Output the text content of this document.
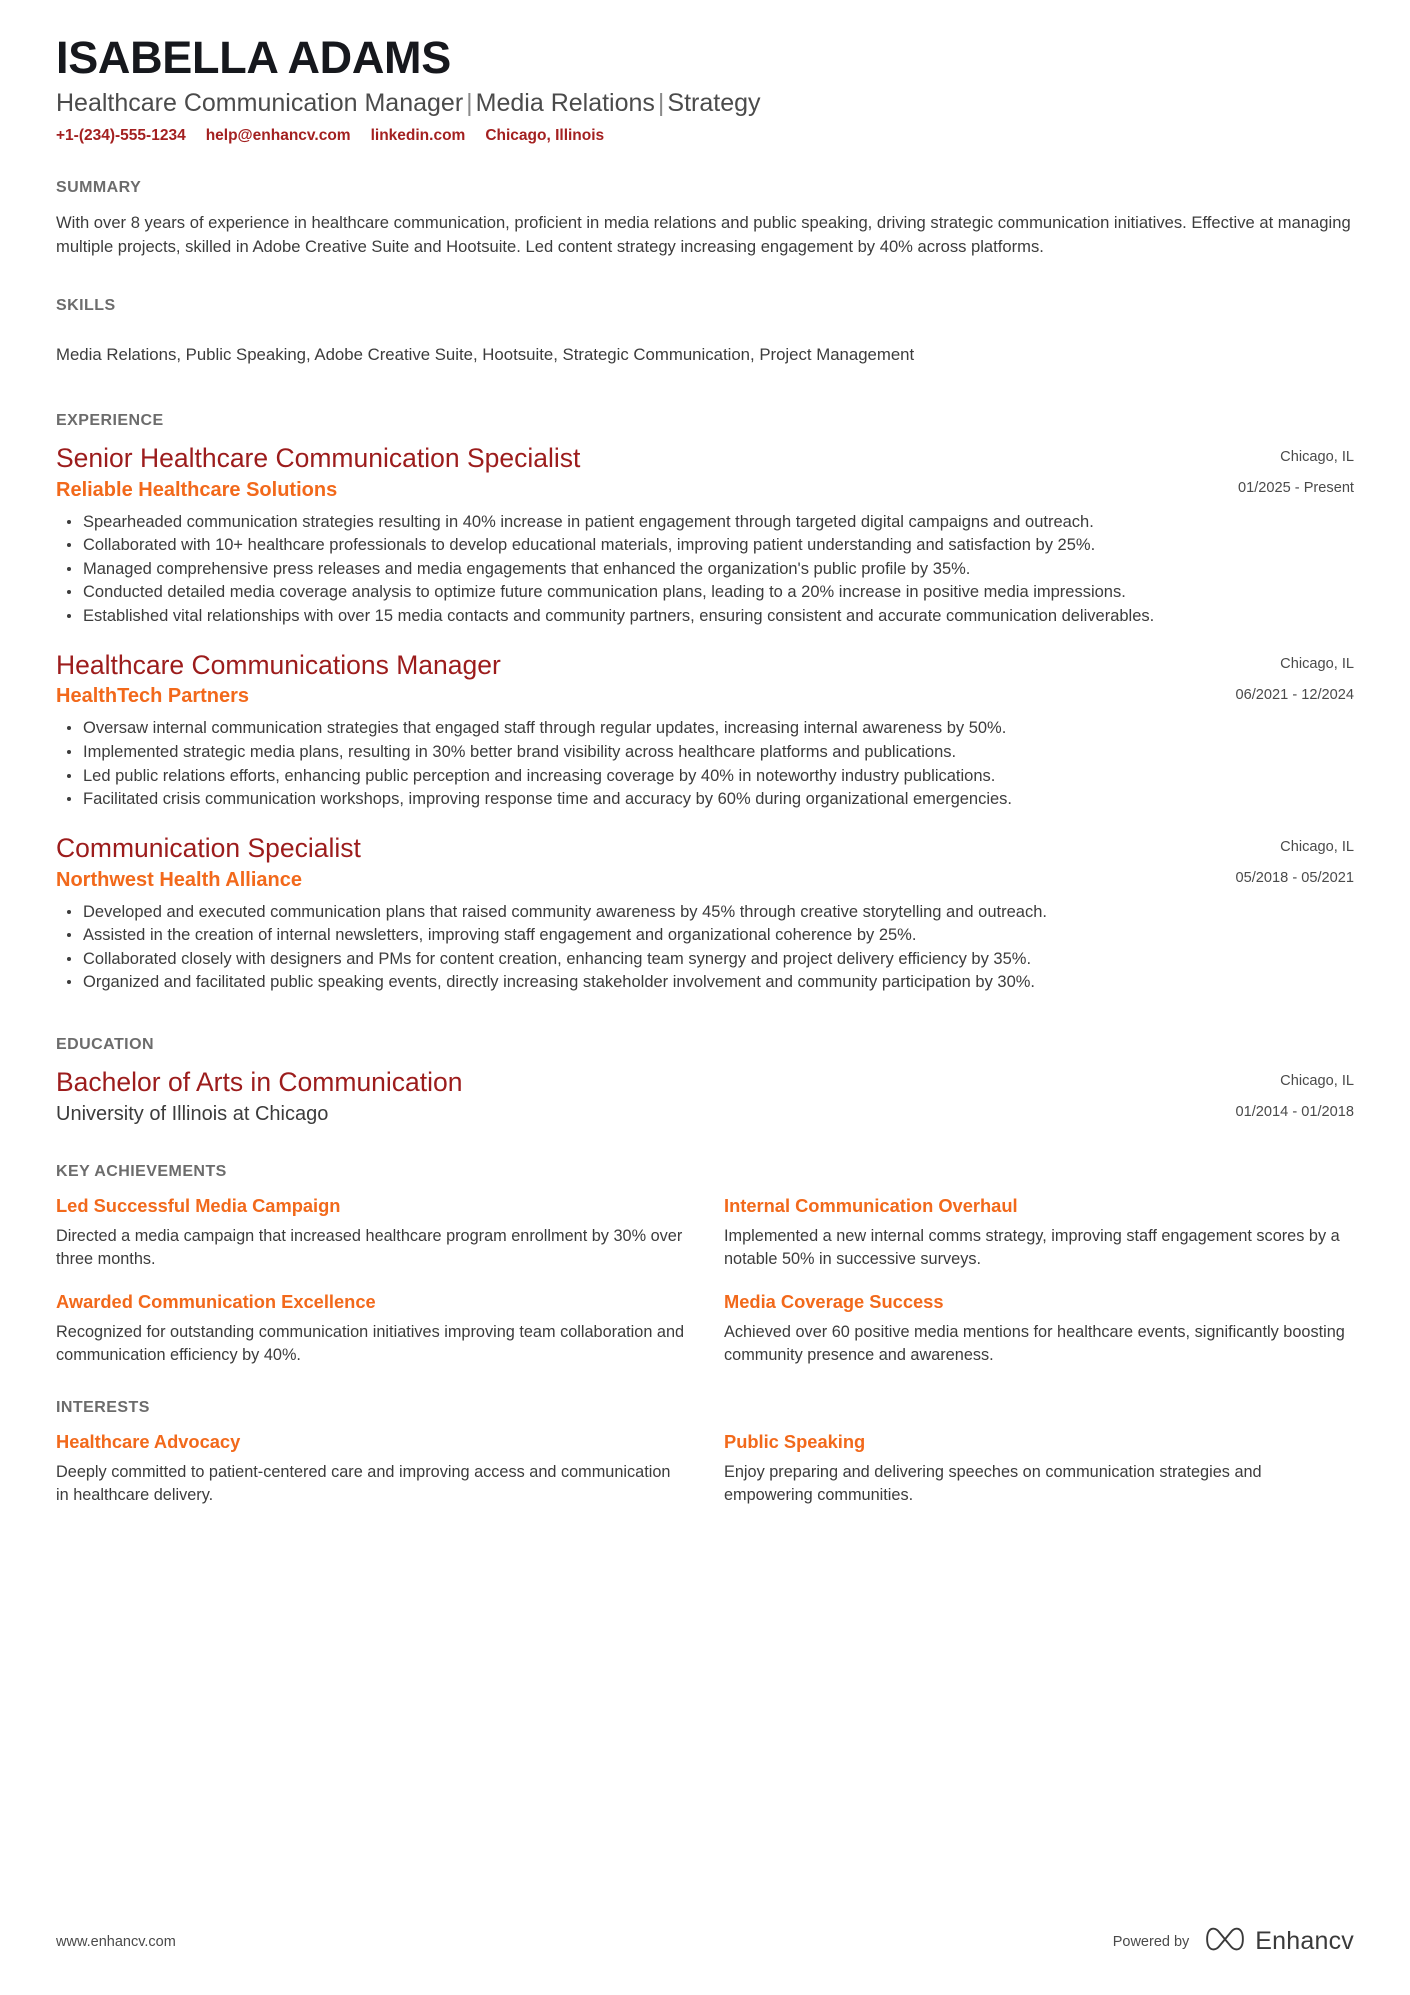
ISABELLA ADAMS
Healthcare Communication Manager | Media Relations | Strategy
+1-(234)-555-1234 help@enhancv.com linkedin.com Chicago, Illinois
SUMMARY

With over 8 years of experience in healthcare communication, proficient in media relations and public speaking, driving strategic communication initiatives. Effective at managing multiple projects, skilled in Adobe Creative Suite and Hootsuite. Led content strategy increasing engagement by 40% across platforms.

SKILLS

Media Relations, Public Speaking, Adobe Creative Suite, Hootsuite, Strategic Communication, Project Management

EXPERIENCE
Senior Healthcare Communication Specialist
Reliable Healthcare Solutions
Chicago, IL
01/2025 - Present
Spearheaded communication strategies resulting in 40% increase in patient engagement through targeted digital campaigns and outreach.
Collaborated with 10+ healthcare professionals to develop educational materials, improving patient understanding and satisfaction by 25%.
Managed comprehensive press releases and media engagements that enhanced the organization's public profile by 35%.
Conducted detailed media coverage analysis to optimize future communication plans, leading to a 20% increase in positive media impressions.
Established vital relationships with over 15 media contacts and community partners, ensuring consistent and accurate communication deliverables.
Healthcare Communications Manager
HealthTech Partners
Chicago, IL
06/2021 - 12/2024
Oversaw internal communication strategies that engaged staff through regular updates, increasing internal awareness by 50%.
Implemented strategic media plans, resulting in 30% better brand visibility across healthcare platforms and publications.
Led public relations efforts, enhancing public perception and increasing coverage by 40% in noteworthy industry publications.
Facilitated crisis communication workshops, improving response time and accuracy by 60% during organizational emergencies.
Communication Specialist
Northwest Health Alliance
Chicago, IL
05/2018 - 05/2021
Developed and executed communication plans that raised community awareness by 45% through creative storytelling and outreach.
Assisted in the creation of internal newsletters, improving staff engagement and organizational coherence by 25%.
Collaborated closely with designers and PMs for content creation, enhancing team synergy and project delivery efficiency by 35%.
Organized and facilitated public speaking events, directly increasing stakeholder involvement and community participation by 30%.
EDUCATION
Bachelor of Arts in Communication
University of Illinois at Chicago
Chicago, IL
01/2014 - 01/2018
KEY ACHIEVEMENTS
Led Successful Media Campaign

Directed a media campaign that increased healthcare program enrollment by 30% over three months.

Internal Communication Overhaul

Implemented a new internal comms strategy, improving staff engagement scores by a notable 50% in successive surveys.

Awarded Communication Excellence

Recognized for outstanding communication initiatives improving team collaboration and communication efficiency by 40%.

Media Coverage Success

Achieved over 60 positive media mentions for healthcare events, significantly boosting community presence and awareness.

INTERESTS
Healthcare Advocacy

Deeply committed to patient-centered care and improving access and communication in healthcare delivery.

Public Speaking

Enjoy preparing and delivering speeches on communication strategies and empowering communities.

www.enhancv.com	Powered by	Enhancv
